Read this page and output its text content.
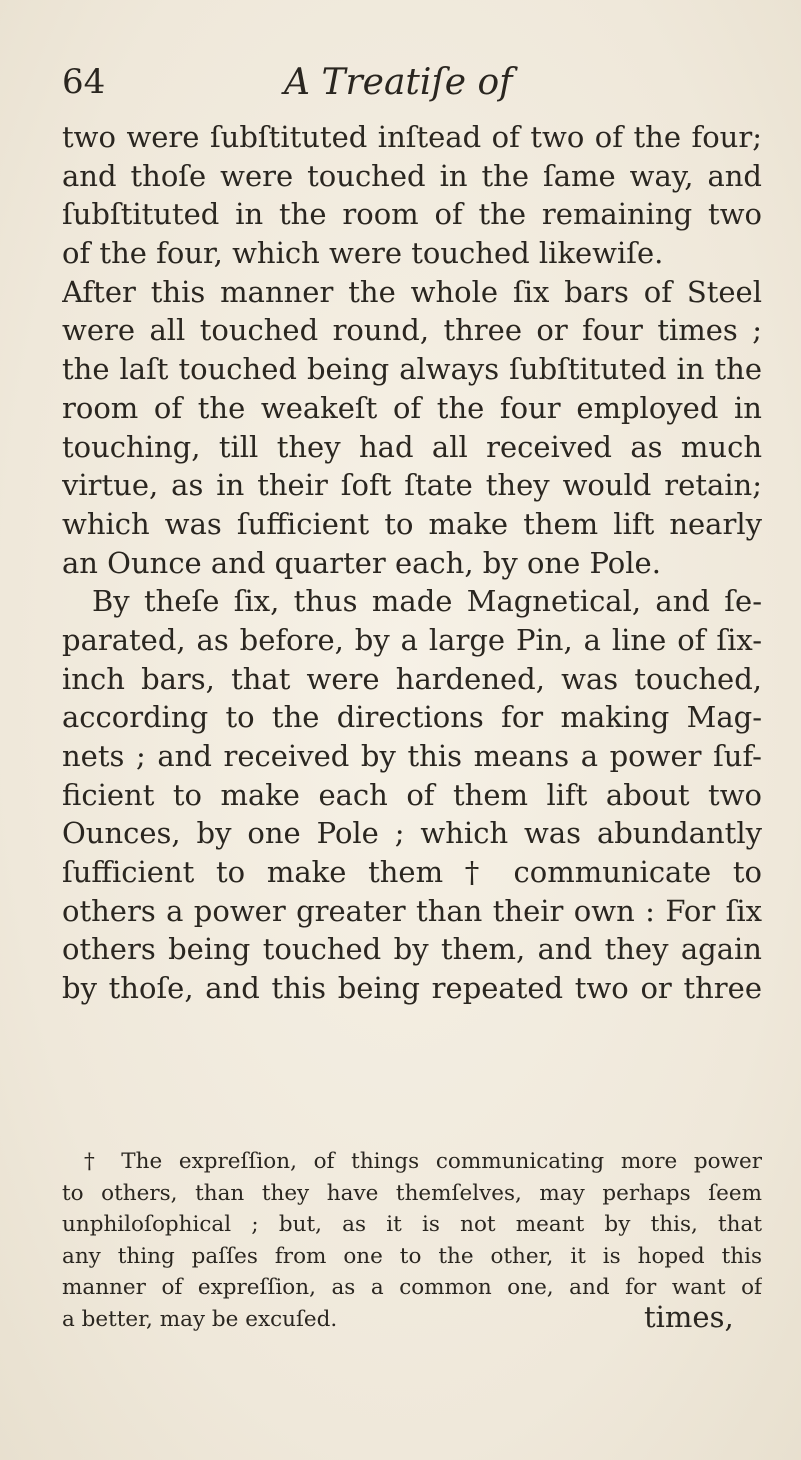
64	A Treatiſe of
two were ſubſtituted inſtead of two of the four;
and thoſe were touched in the ſame way, and
ſubſtituted in the room of the remaining two
of the four, which were touched likewiſe.
After this manner the whole ſix bars of Steel
were all touched round, three or four times ;
the laſt touched being always ſubſtituted in the
room of the weakeſt of the four employed in
touching, till they had all received as much
virtue, as in their ſoft ſtate they would retain;
which was ſufficient to make them lift nearly
an Ounce and quarter each, by one Pole.
By theſe ſix, thus made Magnetical, and ſe-
parated, as before, by a large Pin, a line of ſix-
inch bars, that were hardened, was touched,
according to the directions for making Mag-
nets ; and received by this means a power ſuf-
ficient to make each of them lift about two
Ounces, by one Pole ; which was abundantly
ſufficient to make them † communicate to
others a power greater than their own : For ſix
others being touched by them, and they again
by thoſe, and this being repeated two or three
† The expreſſion, of things communicating more power
to others, than they have themſelves, may perhaps ſeem
unphiloſophical ; but, as it is not meant by this, that
any thing paſſes from one to the other, it is hoped this
manner of expreſſion, as a common one, and for want of
a better, may be excuſed.	times,
